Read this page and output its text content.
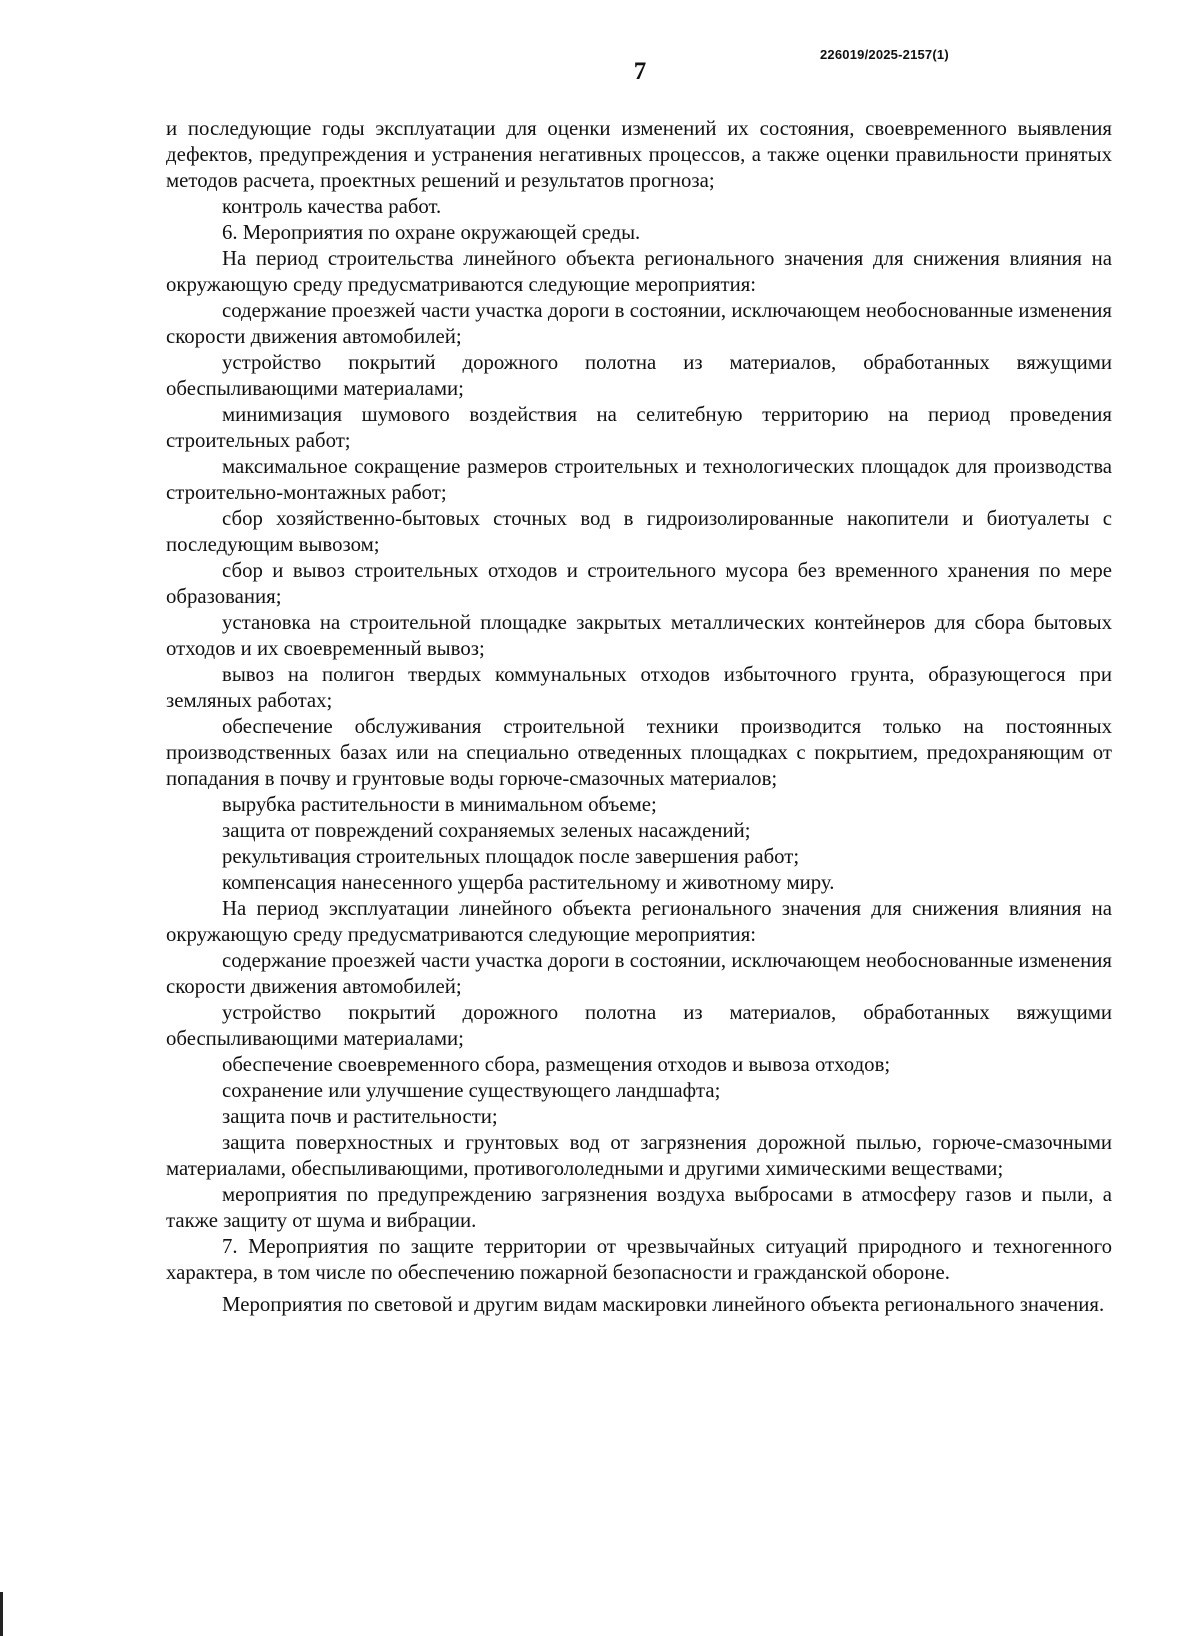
226019/2025-2157(1)
7

и последующие годы эксплуатации для оценки изменений их состояния, своевременного выявления дефектов, предупреждения и устранения негативных процессов, а также оценки правильности принятых методов расчета, проектных решений и результатов прогноза;

контроль качества работ.

6. Мероприятия по охране окружающей среды.

На период строительства линейного объекта регионального значения для снижения влияния на окружающую среду предусматриваются следующие мероприятия:

содержание проезжей части участка дороги в состоянии, исключающем необоснованные изменения скорости движения автомобилей;

устройство покрытий дорожного полотна из материалов, обработанных вяжущими обеспыливающими материалами;

минимизация шумового воздействия на селитебную территорию на период проведения строительных работ;

максимальное сокращение размеров строительных и технологических площадок для производства строительно-монтажных работ;

сбор хозяйственно-бытовых сточных вод в гидроизолированные накопители и биотуалеты с последующим вывозом;

сбор и вывоз строительных отходов и строительного мусора без временного хранения по мере образования;

установка на строительной площадке закрытых металлических контейнеров для сбора бытовых отходов и их своевременный вывоз;

вывоз на полигон твердых коммунальных отходов избыточного грунта, образующегося при земляных работах;

обеспечение обслуживания строительной техники производится только на постоянных производственных базах или на специально отведенных площадках с покрытием, предохраняющим от попадания в почву и грунтовые воды горюче-смазочных материалов;

вырубка растительности в минимальном объеме;

защита от повреждений сохраняемых зеленых насаждений;

рекультивация строительных площадок после завершения работ;

компенсация нанесенного ущерба растительному и животному миру.

На период эксплуатации линейного объекта регионального значения для снижения влияния на окружающую среду предусматриваются следующие мероприятия:

содержание проезжей части участка дороги в состоянии, исключающем необоснованные изменения скорости движения автомобилей;

устройство покрытий дорожного полотна из материалов, обработанных вяжущими обеспыливающими материалами;

обеспечение своевременного сбора, размещения отходов и вывоза отходов;

сохранение или улучшение существующего ландшафта;

защита почв и растительности;

защита поверхностных и грунтовых вод от загрязнения дорожной пылью, горюче-смазочными материалами, обеспыливающими, противогололедными и другими химическими веществами;

мероприятия по предупреждению загрязнения воздуха выбросами в атмосферу газов и пыли, а также защиту от шума и вибрации.

7. Мероприятия по защите территории от чрезвычайных ситуаций природного и техногенного характера, в том числе по обеспечению пожарной безопасности и гражданской обороне.

Мероприятия по световой и другим видам маскировки линейного объекта регионального значения.
